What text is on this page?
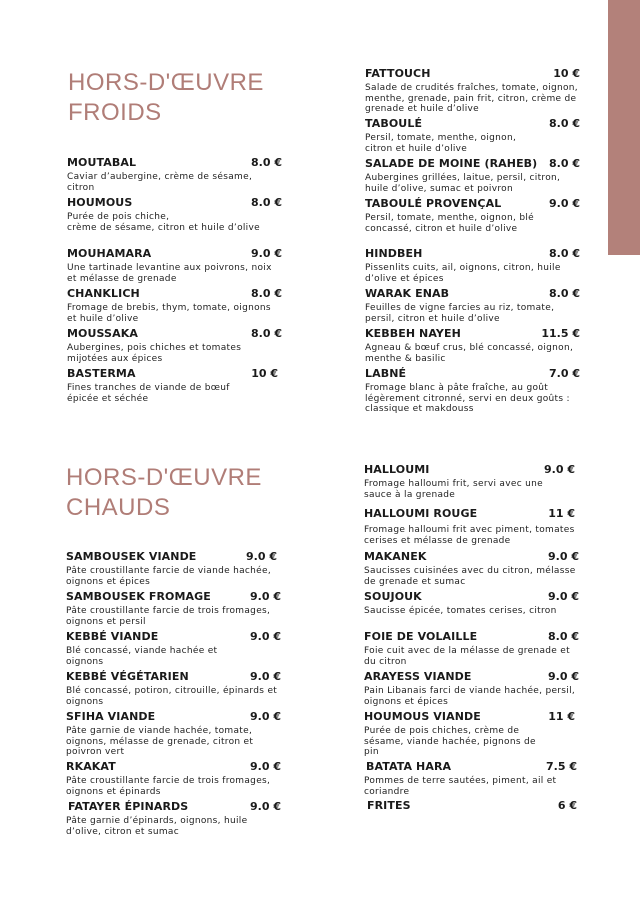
HORS-D'ŒUVRE
FROIDS
HORS-D'ŒUVRE
CHAUDS
MOUTABAL	8.0 €
Caviar d’aubergine, crème de sésame, citron
HOUMOUS	8.0 €
Purée de pois chiche,
crème de sésame, citron et huile d’olive
MOUHAMARA	9.0 €
Une tartinade levantine aux poivrons, noix et mélasse de grenade
CHANKLICH	8.0 €
Fromage de brebis, thym, tomate, oignons et huile d’olive
MOUSSAKA	8.0 €
Aubergines, pois chiches et tomates mijotées aux épices
BASTERMA	10 €
Fines tranches de viande de bœuf épicée et séchée
FATTOUCH	10 €
Salade de crudités fraîches, tomate, oignon, menthe, grenade, pain frit, citron, crème de grenade et huile d’olive
TABOULÉ	8.0 €
Persil, tomate, menthe, oignon, citron et huile d’olive
SALADE DE MOINE (RAHEB) 8.0 €
Aubergines grillées, laitue, persil, citron, huile d’olive, sumac et poivron
TABOULÉ PROVENÇAL	9.0 €
Persil, tomate, menthe, oignon, blé concassé, citron et huile d’olive
HINDBEH	8.0 €
Pissenlits cuits, ail, oignons, citron, huile d’olive et épices
WARAK ENAB	8.0 €
Feuilles de vigne farcies au riz, tomate, persil, citron et huile d’olive
KEBBEH NAYEH	11.5 €
Agneau & bœuf crus, blé concassé, oignon, menthe & basilic
LABNÉ	7.0 €
Fromage blanc à pâte fraîche, au goût légèrement citronné, servi en deux goûts : classique et makdouss
SAMBOUSEK VIANDE	9.0 €
Pâte croustillante farcie de viande hachée, oignons et épices
SAMBOUSEK FROMAGE	9.0 €
Pâte croustillante farcie de trois fromages, oignons et persil
KEBBÉ VIANDE	9.0 €
Blé concassé, viande hachée et oignons
KEBBÉ VÉGÉTARIEN	9.0 €
Blé concassé, potiron, citrouille, épinards et oignons
SFIHA VIANDE	9.0 €
Pâte garnie de viande hachée, tomate, oignons, mélasse de grenade, citron et poivron vert
RKAKAT	9.0 €
Pâte croustillante farcie de trois fromages, oignons et épinards
FATAYER ÉPINARDS	9.0 €
Pâte garnie d’épinards, oignons, huile d’olive, citron et sumac
HALLOUMI	9.0 €
Fromage halloumi frit, servi avec une sauce à la grenade
HALLOUMI ROUGE	11 €
Fromage halloumi frit avec piment, tomates cerises et mélasse de grenade
MAKANEK	9.0 €
Saucisses cuisinées avec du citron, mélasse de grenade et sumac
SOUJOUK	9.0 €
Saucisse épicée, tomates cerises, citron
FOIE DE VOLAILLE	8.0 €
Foie cuit avec de la mélasse de grenade et du citron
ARAYESS VIANDE	9.0 €
Pain Libanais farci de viande hachée, persil, oignons et épices
HOUMOUS VIANDE	11 €
Purée de pois chiches, crème de sésame, viande hachée, pignons de pin
BATATA HARA	7.5 €
Pommes de terre sautées, piment, ail et coriandre
FRITES	6 €
